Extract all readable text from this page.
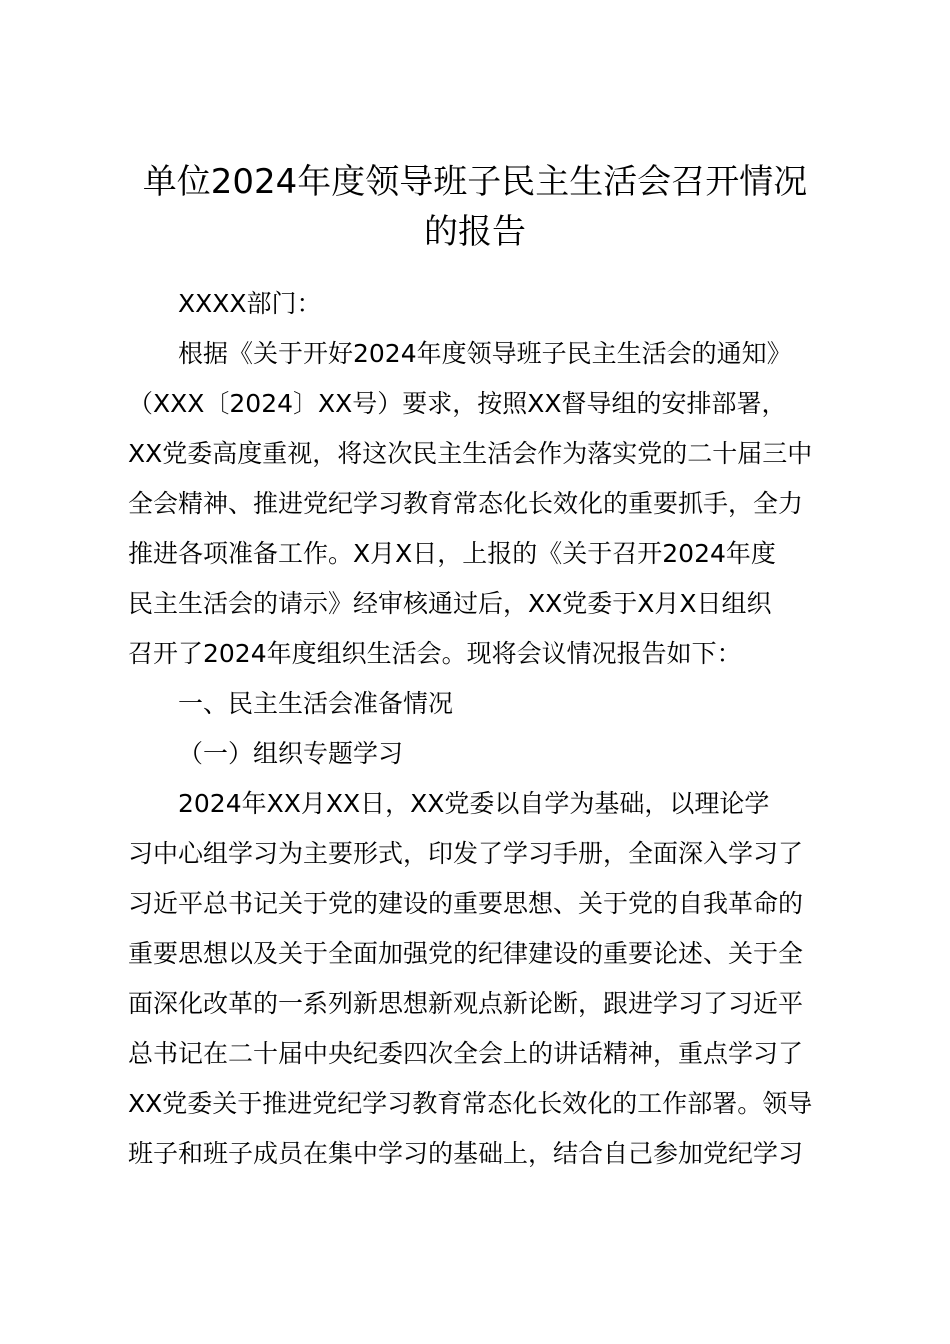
单位2024年度领导班子民主生活会召开情况
的报告
XXXX部门：
根据《关于开好2024年度领导班子民主生活会的通知》
（XXX〔2024〕XX号）要求，按照XX督导组的安排部署，
XX党委高度重视，将这次民主生活会作为落实党的二十届三中
全会精神、推进党纪学习教育常态化长效化的重要抓手，全力
推进各项准备工作。X月X日，上报的《关于召开2024年度
民主生活会的请示》经审核通过后，XX党委于X月X日组织
召开了2024年度组织生活会。现将会议情况报告如下：
一、民主生活会准备情况
（一）组织专题学习
2024年XX月XX日，XX党委以自学为基础，以理论学
习中心组学习为主要形式，印发了学习手册，全面深入学习了
习近平总书记关于党的建设的重要思想、关于党的自我革命的
重要思想以及关于全面加强党的纪律建设的重要论述、关于全
面深化改革的一系列新思想新观点新论断，跟进学习了习近平
总书记在二十届中央纪委四次全会上的讲话精神，重点学习了
XX党委关于推进党纪学习教育常态化长效化的工作部署。领导
班子和班子成员在集中学习的基础上，结合自己参加党纪学习
